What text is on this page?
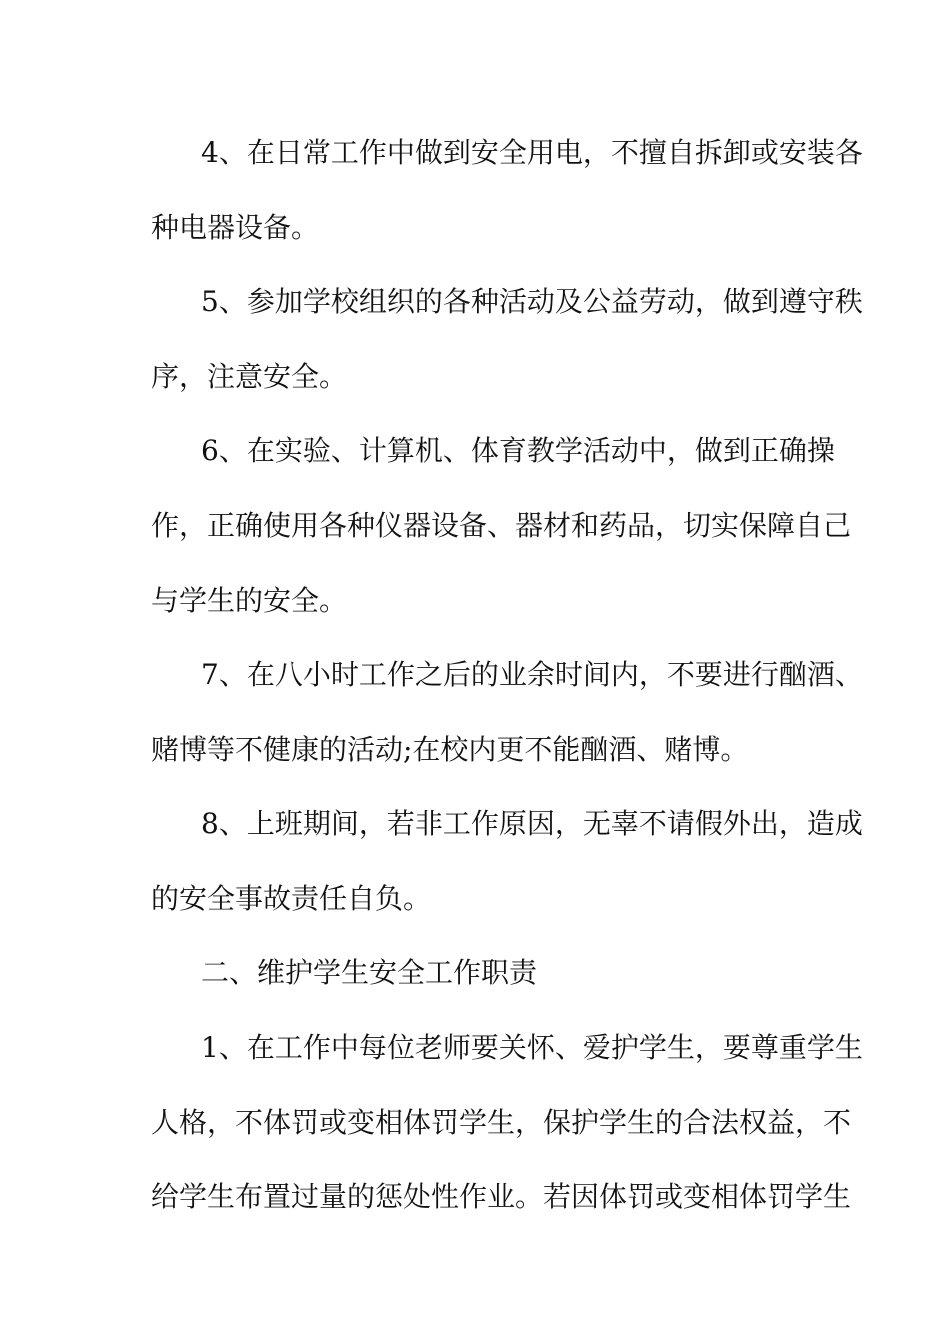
4、在日常工作中做到安全用电，不擅自拆卸或安装各
种电器设备。
5、参加学校组织的各种活动及公益劳动，做到遵守秩
序，注意安全。
6、在实验、计算机、体育教学活动中，做到正确操
作，正确使用各种仪器设备、器材和药品，切实保障自己
与学生的安全。
7、在八小时工作之后的业余时间内，不要进行酗酒、
赌博等不健康的活动;在校内更不能酗酒、赌博。
8、上班期间，若非工作原因，无辜不请假外出，造成
的安全事故责任自负。
二、维护学生安全工作职责
1、在工作中每位老师要关怀、爱护学生，要尊重学生
人格，不体罚或变相体罚学生，保护学生的合法权益，不
给学生布置过量的惩处性作业。若因体罚或变相体罚学生
